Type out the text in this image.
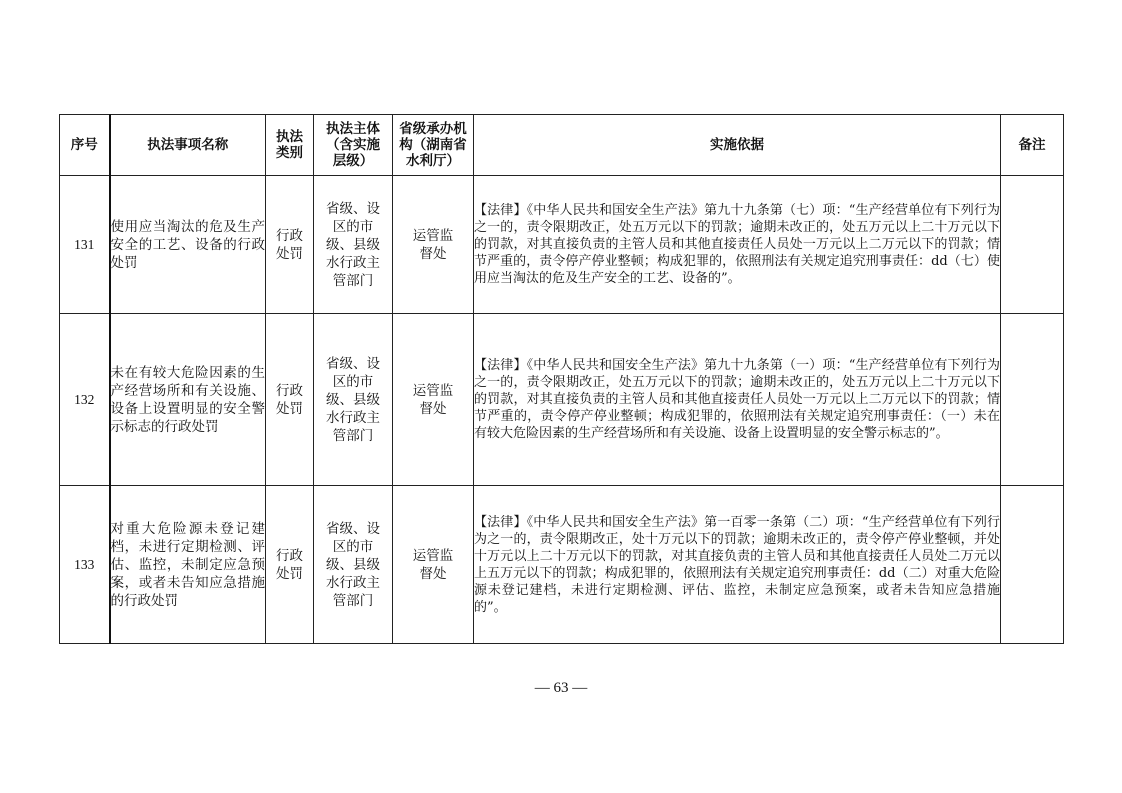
序号	执法事项名称	执法类别	执法主体（含实施层级）	省级承办机构（湖南省水利厅）	实施依据	备注
131	使用应当淘汰的危及生产安全的工艺、设备的行政处罚	行政处罚	省级、设区的市级、县级水行政主管部门	运管监督处	【法律】《中华人民共和国安全生产法》第九十九条第（七）项：“生产经营单位有下列行为之一的，责令限期改正，处五万元以下的罚款；逾期未改正的，处五万元以上二十万元以下的罚款，对其直接负责的主管人员和其他直接责任人员处一万元以上二万元以下的罚款；情节严重的，责令停产停业整顿；构成犯罪的，依照刑法有关规定追究刑事责任：dd（七）使用应当淘汰的危及生产安全的工艺、设备的”。	
132	未在有较大危险因素的生产经营场所和有关设施、设备上设置明显的安全警示标志的行政处罚	行政处罚	省级、设区的市级、县级水行政主管部门	运管监督处	【法律】《中华人民共和国安全生产法》第九十九条第（一）项：“生产经营单位有下列行为之一的，责令限期改正，处五万元以下的罚款；逾期未改正的，处五万元以上二十万元以下的罚款，对其直接负责的主管人员和其他直接责任人员处一万元以上二万元以下的罚款；情节严重的，责令停产停业整顿；构成犯罪的，依照刑法有关规定追究刑事责任：（一）未在有较大危险因素的生产经营场所和有关设施、设备上设置明显的安全警示标志的”。	
133	对重大危险源未登记建档，未进行定期检测、评估、监控，未制定应急预案，或者未告知应急措施的行政处罚	行政处罚	省级、设区的市级、县级水行政主管部门	运管监督处	【法律】《中华人民共和国安全生产法》第一百零一条第（二）项：“生产经营单位有下列行为之一的，责令限期改正，处十万元以下的罚款；逾期未改正的，责令停产停业整顿，并处十万元以上二十万元以下的罚款，对其直接负责的主管人员和其他直接责任人员处二万元以上五万元以下的罚款；构成犯罪的，依照刑法有关规定追究刑事责任：dd（二）对重大危险源未登记建档，未进行定期检测、评估、监控，未制定应急预案，或者未告知应急措施的”。	
— 63 —
